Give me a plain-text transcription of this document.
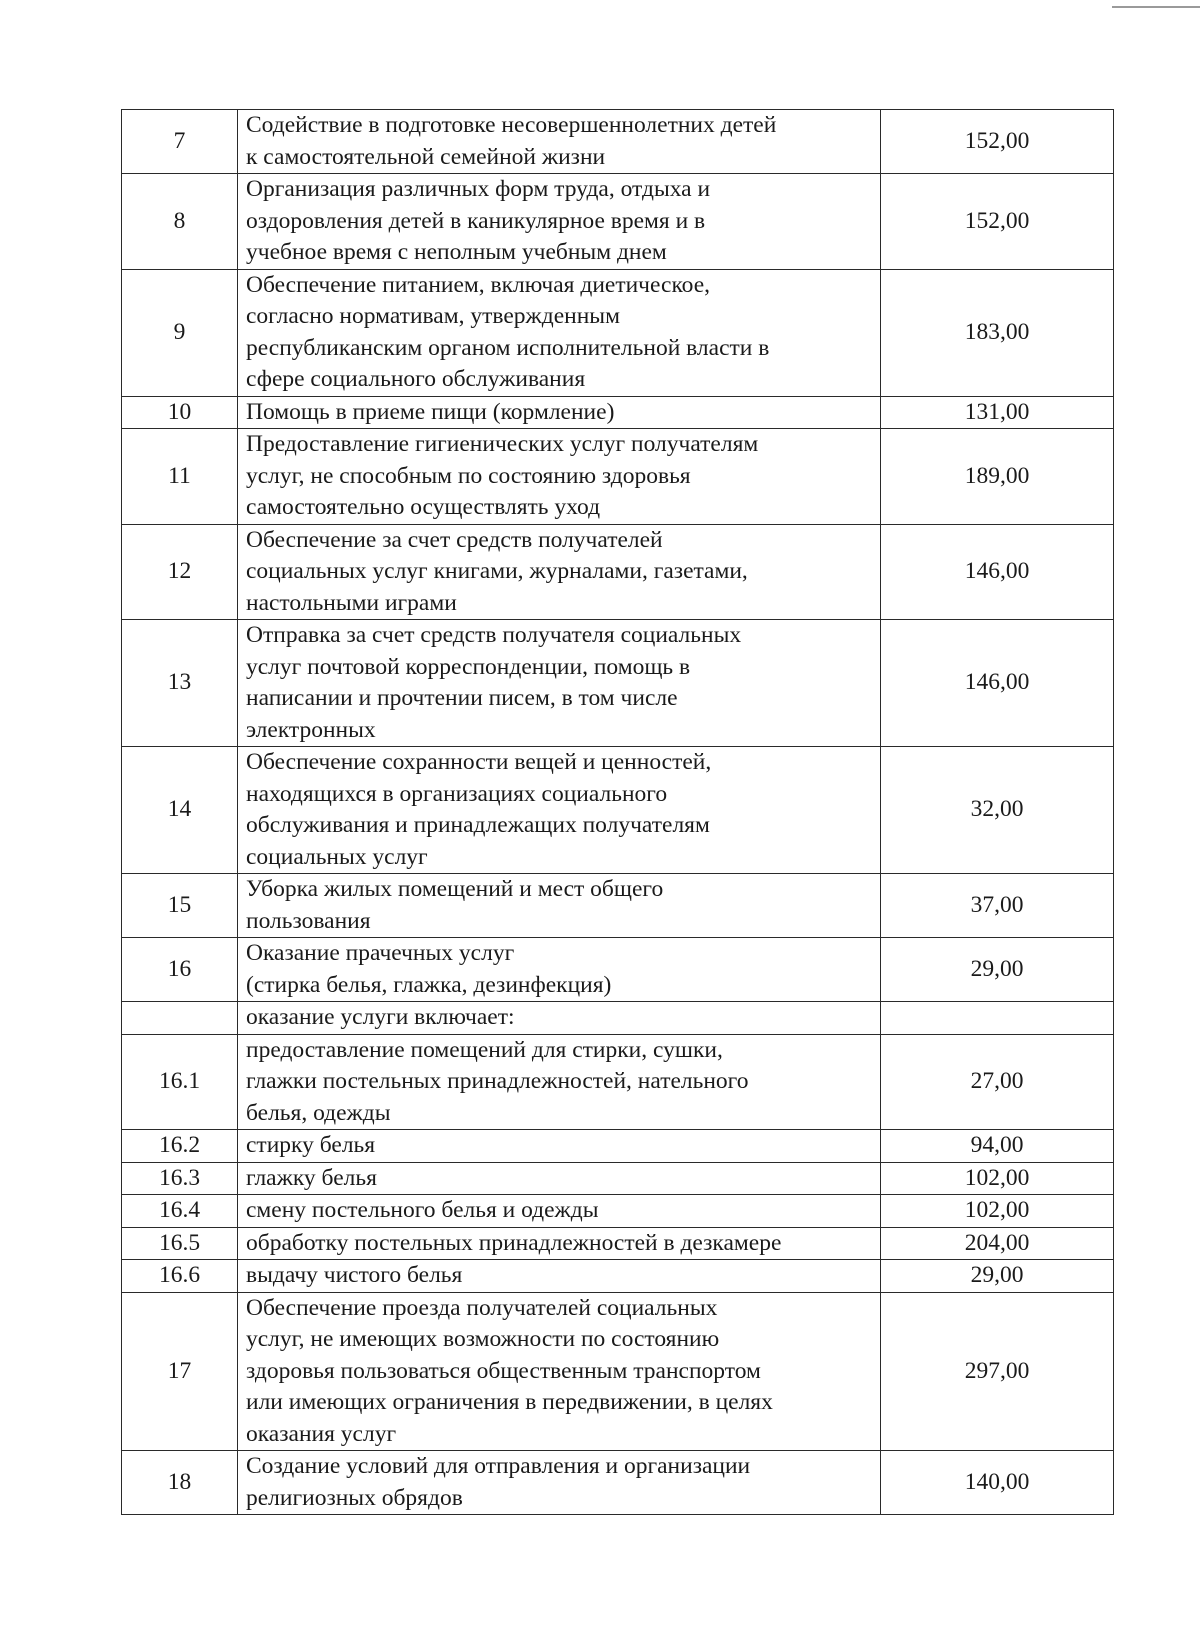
7	Содействие в подготовке несовершеннолетних детей
к самостоятельной семейной жизни	152,00
8	Организация различных форм труда, отдыха и
оздоровления детей в каникулярное время и в
учебное время с неполным учебным днем	152,00
9	Обеспечение питанием, включая диетическое,
согласно нормативам, утвержденным
республиканским органом исполнительной власти в
сфере социального обслуживания	183,00
10	Помощь в приеме пищи (кормление)	131,00
11	Предоставление гигиенических услуг получателям
услуг, не способным по состоянию здоровья
самостоятельно осуществлять уход	189,00
12	Обеспечение за счет средств получателей
социальных услуг книгами, журналами, газетами,
настольными играми	146,00
13	Отправка за счет средств получателя социальных
услуг почтовой корреспонденции, помощь в
написании и прочтении писем, в том числе
электронных	146,00
14	Обеспечение сохранности вещей и ценностей,
находящихся в организациях социального
обслуживания и принадлежащих получателям
социальных услуг	32,00
15	Уборка жилых помещений и мест общего
пользования	37,00
16	Оказание прачечных услуг
(стирка белья, глажка, дезинфекция)	29,00
	оказание услуги включает:	
16.1	предоставление помещений для стирки, сушки,
глажки постельных принадлежностей, нательного
белья, одежды	27,00
16.2	стирку белья	94,00
16.3	глажку белья	102,00
16.4	смену постельного белья и одежды	102,00
16.5	обработку постельных принадлежностей в дезкамере	204,00
16.6	выдачу чистого белья	29,00
17	Обеспечение проезда получателей социальных
услуг, не имеющих возможности по состоянию
здоровья пользоваться общественным транспортом
или имеющих ограничения в передвижении, в целях
оказания услуг	297,00
18	Создание условий для отправления и организации
религиозных обрядов	140,00
